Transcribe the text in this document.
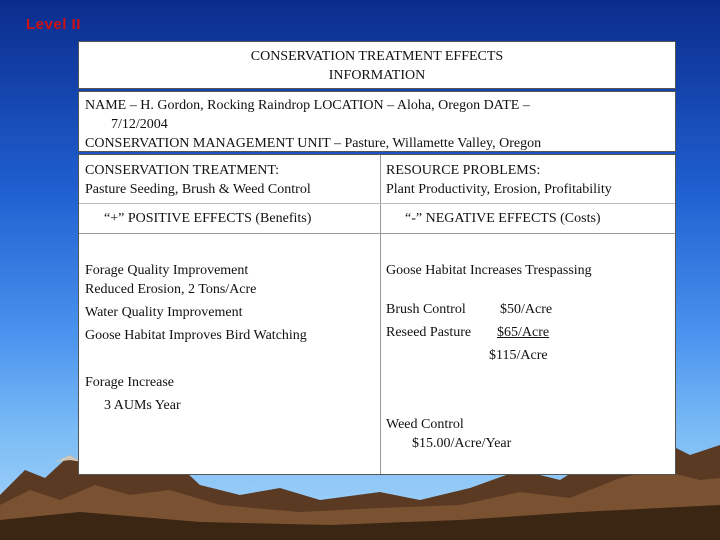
Level II
CONSERVATION TREATMENT EFFECTS
INFORMATION
NAME – H. Gordon, Rocking Raindrop LOCATION – Aloha, Oregon DATE –
7/12/2004
CONSERVATION MANAGEMENT UNIT – Pasture, Willamette Valley, Oregon
CONSERVATION TREATMENT:
Pasture Seeding, Brush & Weed Control
RESOURCE PROBLEMS:
Plant Productivity, Erosion, Profitability
“+” POSITIVE EFFECTS (Benefits)	“-” NEGATIVE EFFECTS (Costs)
Forage Quality Improvement
Reduced Erosion, 2 Tons/Acre
Water Quality Improvement
Goose Habitat Improves Bird Watching
Forage Increase
3 AUMs Year
Goose Habitat Increases Trespassing
Brush Control $50/Acre
Reseed Pasture $65/Acre
$115/Acre
Weed Control
$15.00/Acre/Year
